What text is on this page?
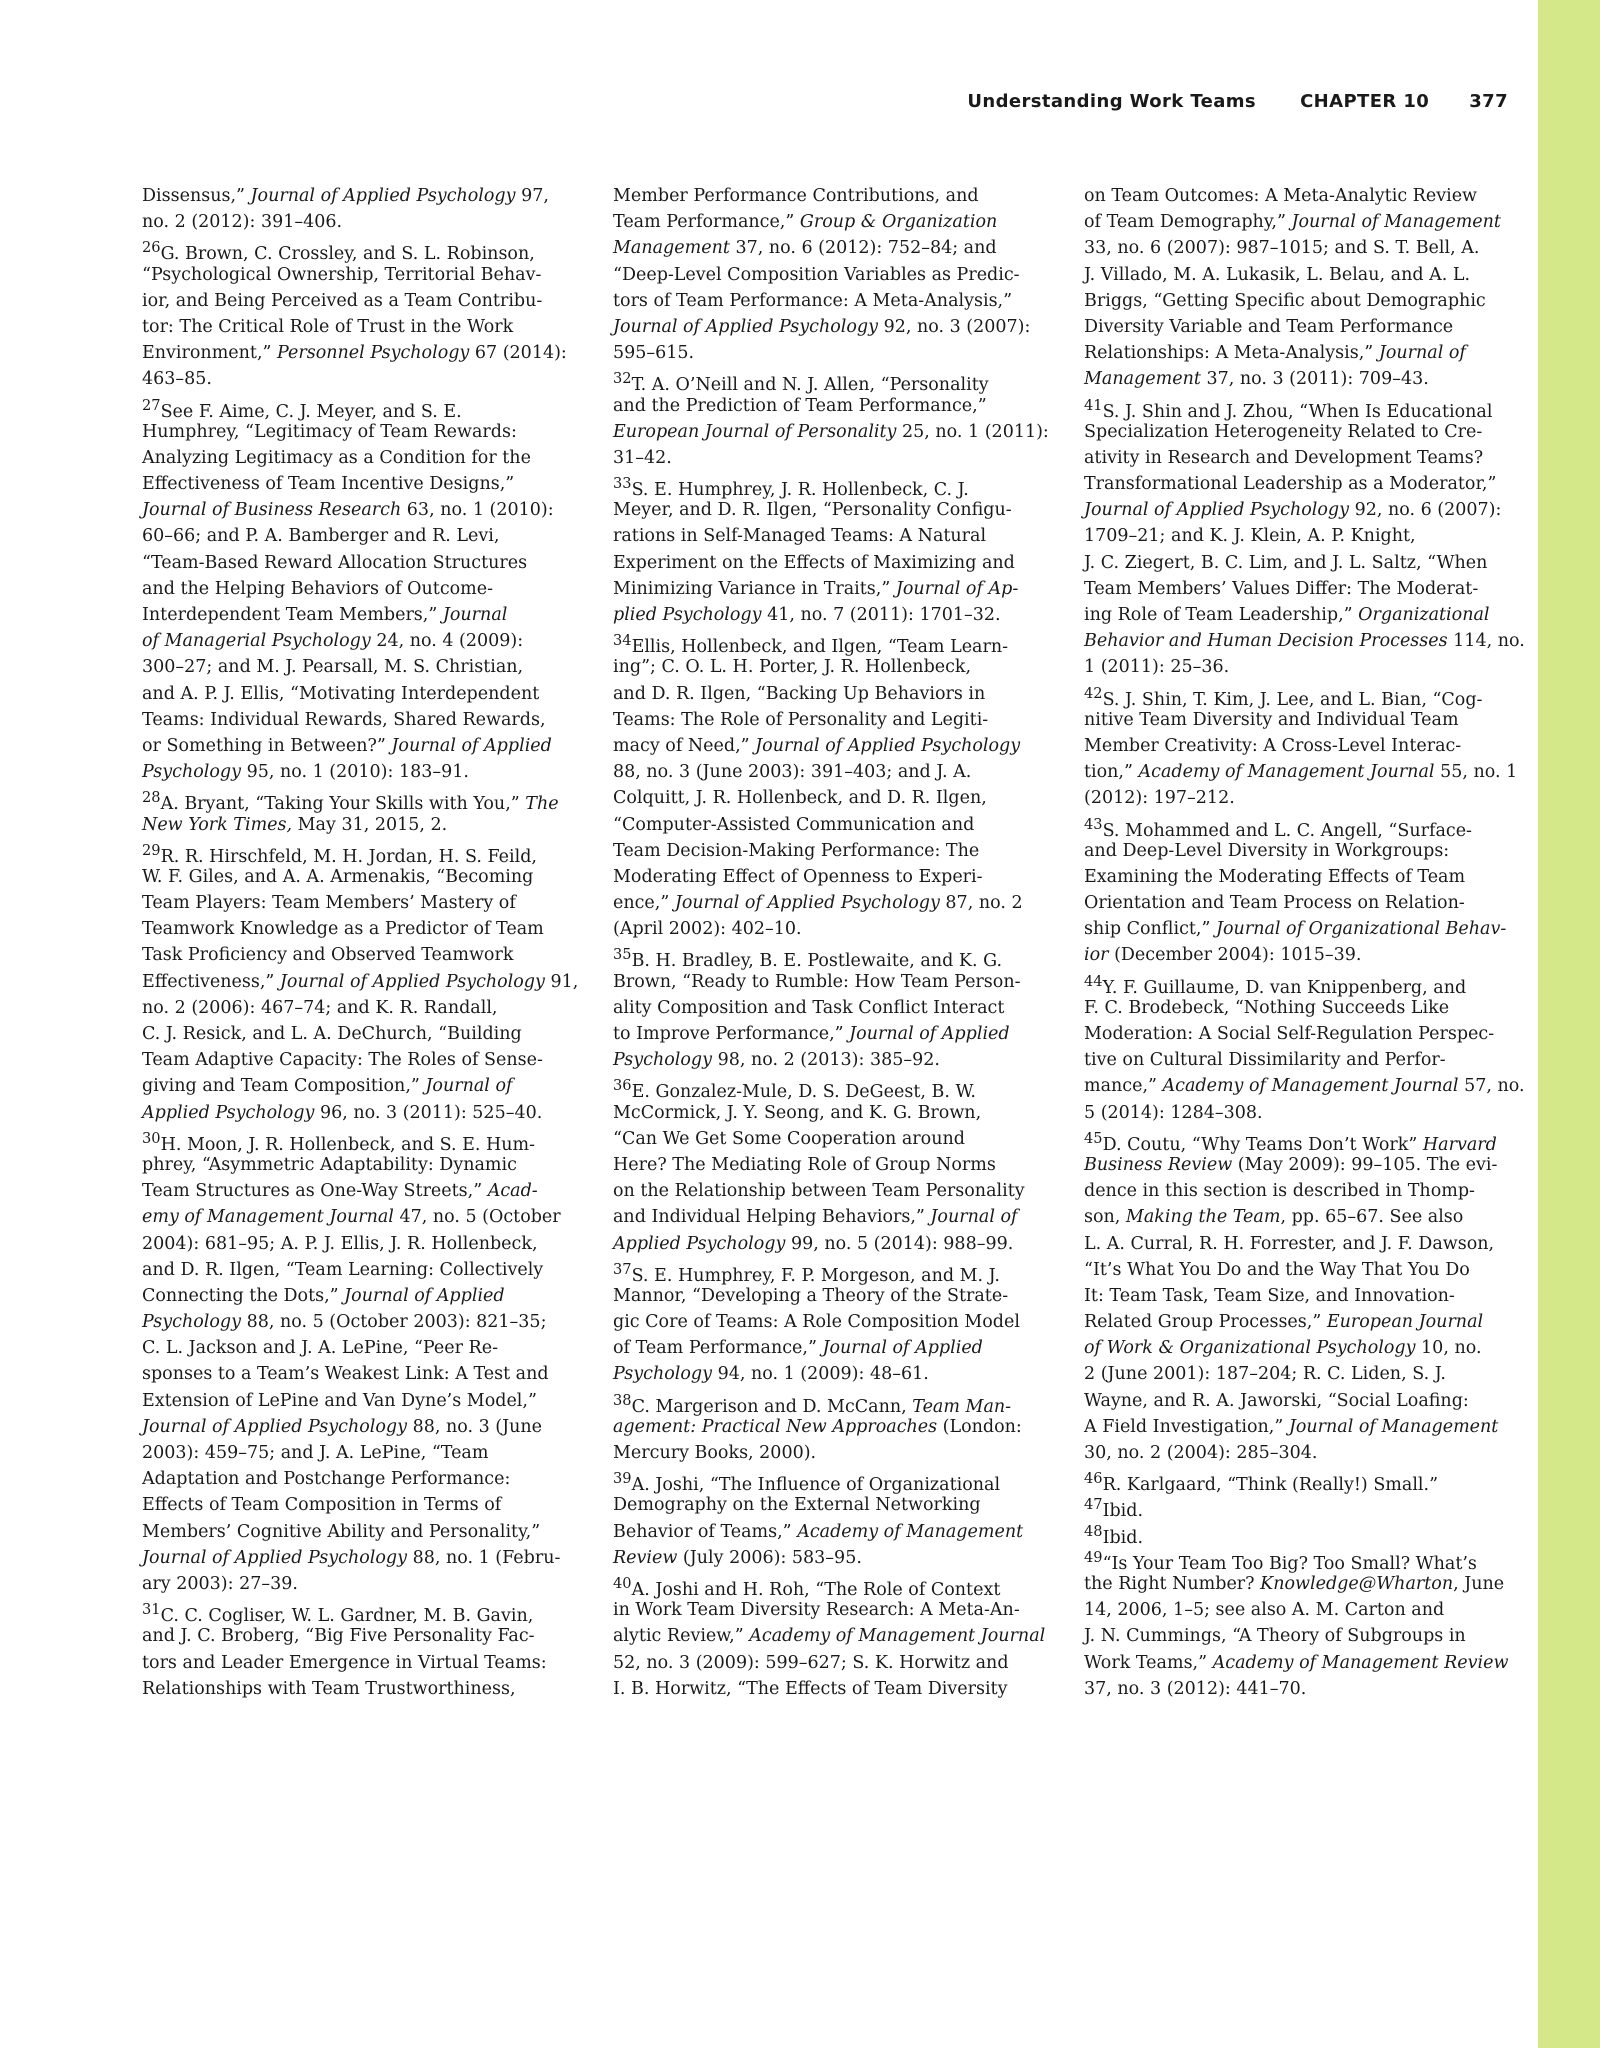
Understanding Work Teams CHAPTER 10 377
Dissensus,” Journal of Applied Psychology 97,
no. 2 (2012): 391–406.
$^{26}$G. Brown, C. Crossley, and S. L. Robinson,
“Psychological Ownership, Territorial Behav-
ior, and Being Perceived as a Team Contribu-
tor: The Critical Role of Trust in the Work
Environment,” Personnel Psychology 67 (2014):
463–85.
$^{27}$See F. Aime, C. J. Meyer, and S. E.
Humphrey, “Legitimacy of Team Rewards:
Analyzing Legitimacy as a Condition for the
Effectiveness of Team Incentive Designs,”
Journal of Business Research 63, no. 1 (2010):
60–66; and P. A. Bamberger and R. Levi,
“Team-Based Reward Allocation Structures
and the Helping Behaviors of Outcome-
Interdependent Team Members,” Journal
of Managerial Psychology 24, no. 4 (2009):
300–27; and M. J. Pearsall, M. S. Christian,
and A. P. J. Ellis, “Motivating Interdependent
Teams: Individual Rewards, Shared Rewards,
or Something in Between?” Journal of Applied
Psychology 95, no. 1 (2010): 183–91.
$^{28}$A. Bryant, “Taking Your Skills with You,” The
New York Times, May 31, 2015, 2.
$^{29}$R. R. Hirschfeld, M. H. Jordan, H. S. Feild,
W. F. Giles, and A. A. Armenakis, “Becoming
Team Players: Team Members’ Mastery of
Teamwork Knowledge as a Predictor of Team
Task Proficiency and Observed Teamwork
Effectiveness,” Journal of Applied Psychology 91,
no. 2 (2006): 467–74; and K. R. Randall,
C. J. Resick, and L. A. DeChurch, “Building
Team Adaptive Capacity: The Roles of Sense-
giving and Team Composition,” Journal of
Applied Psychology 96, no. 3 (2011): 525–40.
$^{30}$H. Moon, J. R. Hollenbeck, and S. E. Hum-
phrey, “Asymmetric Adaptability: Dynamic
Team Structures as One-Way Streets,” Acad-
emy of Management Journal 47, no. 5 (October
2004): 681–95; A. P. J. Ellis, J. R. Hollenbeck,
and D. R. Ilgen, “Team Learning: Collectively
Connecting the Dots,” Journal of Applied
Psychology 88, no. 5 (October 2003): 821–35;
C. L. Jackson and J. A. LePine, “Peer Re-
sponses to a Team’s Weakest Link: A Test and
Extension of LePine and Van Dyne’s Model,”
Journal of Applied Psychology 88, no. 3 (June
2003): 459–75; and J. A. LePine, “Team
Adaptation and Postchange Performance:
Effects of Team Composition in Terms of
Members’ Cognitive Ability and Personality,”
Journal of Applied Psychology 88, no. 1 (Febru-
ary 2003): 27–39.
$^{31}$C. C. Cogliser, W. L. Gardner, M. B. Gavin,
and J. C. Broberg, “Big Five Personality Fac-
tors and Leader Emergence in Virtual Teams:
Relationships with Team Trustworthiness,
Member Performance Contributions, and
Team Performance,” Group & Organization
Management 37, no. 6 (2012): 752–84; and
“Deep-Level Composition Variables as Predic-
tors of Team Performance: A Meta-Analysis,”
Journal of Applied Psychology 92, no. 3 (2007):
595–615.
$^{32}$T. A. O’Neill and N. J. Allen, “Personality
and the Prediction of Team Performance,”
European Journal of Personality 25, no. 1 (2011):
31–42.
$^{33}$S. E. Humphrey, J. R. Hollenbeck, C. J.
Meyer, and D. R. Ilgen, “Personality Configu-
rations in Self-Managed Teams: A Natural
Experiment on the Effects of Maximizing and
Minimizing Variance in Traits,” Journal of Ap-
plied Psychology 41, no. 7 (2011): 1701–32.
$^{34}$Ellis, Hollenbeck, and Ilgen, “Team Learn-
ing”; C. O. L. H. Porter, J. R. Hollenbeck,
and D. R. Ilgen, “Backing Up Behaviors in
Teams: The Role of Personality and Legiti-
macy of Need,” Journal of Applied Psychology
88, no. 3 (June 2003): 391–403; and J. A.
Colquitt, J. R. Hollenbeck, and D. R. Ilgen,
“Computer-Assisted Communication and
Team Decision-Making Performance: The
Moderating Effect of Openness to Experi-
ence,” Journal of Applied Psychology 87, no. 2
(April 2002): 402–10.
$^{35}$B. H. Bradley, B. E. Postlewaite, and K. G.
Brown, “Ready to Rumble: How Team Person-
ality Composition and Task Conflict Interact
to Improve Performance,” Journal of Applied
Psychology 98, no. 2 (2013): 385–92.
$^{36}$E. Gonzalez-Mule, D. S. DeGeest, B. W.
McCormick, J. Y. Seong, and K. G. Brown,
“Can We Get Some Cooperation around
Here? The Mediating Role of Group Norms
on the Relationship between Team Personality
and Individual Helping Behaviors,” Journal of
Applied Psychology 99, no. 5 (2014): 988–99.
$^{37}$S. E. Humphrey, F. P. Morgeson, and M. J.
Mannor, “Developing a Theory of the Strate-
gic Core of Teams: A Role Composition Model
of Team Performance,” Journal of Applied
Psychology 94, no. 1 (2009): 48–61.
$^{38}$C. Margerison and D. McCann, Team Man-
agement: Practical New Approaches (London:
Mercury Books, 2000).
$^{39}$A. Joshi, “The Influence of Organizational
Demography on the External Networking
Behavior of Teams,” Academy of Management
Review (July 2006): 583–95.
$^{40}$A. Joshi and H. Roh, “The Role of Context
in Work Team Diversity Research: A Meta-An-
alytic Review,” Academy of Management Journal
52, no. 3 (2009): 599–627; S. K. Horwitz and
I. B. Horwitz, “The Effects of Team Diversity
on Team Outcomes: A Meta-Analytic Review
of Team Demography,” Journal of Management
33, no. 6 (2007): 987–1015; and S. T. Bell, A.
J. Villado, M. A. Lukasik, L. Belau, and A. L.
Briggs, “Getting Specific about Demographic
Diversity Variable and Team Performance
Relationships: A Meta-Analysis,” Journal of
Management 37, no. 3 (2011): 709–43.
$^{41}$S. J. Shin and J. Zhou, “When Is Educational
Specialization Heterogeneity Related to Cre-
ativity in Research and Development Teams?
Transformational Leadership as a Moderator,”
Journal of Applied Psychology 92, no. 6 (2007):
1709–21; and K. J. Klein, A. P. Knight,
J. C. Ziegert, B. C. Lim, and J. L. Saltz, “When
Team Members’ Values Differ: The Moderat-
ing Role of Team Leadership,” Organizational
Behavior and Human Decision Processes 114, no.
1 (2011): 25–36.
$^{42}$S. J. Shin, T. Kim, J. Lee, and L. Bian, “Cog-
nitive Team Diversity and Individual Team
Member Creativity: A Cross-Level Interac-
tion,” Academy of Management Journal 55, no. 1
(2012): 197–212.
$^{43}$S. Mohammed and L. C. Angell, “Surface-
and Deep-Level Diversity in Workgroups:
Examining the Moderating Effects of Team
Orientation and Team Process on Relation-
ship Conflict,” Journal of Organizational Behav-
ior (December 2004): 1015–39.
$^{44}$Y. F. Guillaume, D. van Knippenberg, and
F. C. Brodebeck, “Nothing Succeeds Like
Moderation: A Social Self-Regulation Perspec-
tive on Cultural Dissimilarity and Perfor-
mance,” Academy of Management Journal 57, no.
5 (2014): 1284–308.
$^{45}$D. Coutu, “Why Teams Don’t Work” Harvard
Business Review (May 2009): 99–105. The evi-
dence in this section is described in Thomp-
son, Making the Team, pp. 65–67. See also
L. A. Curral, R. H. Forrester, and J. F. Dawson,
“It’s What You Do and the Way That You Do
It: Team Task, Team Size, and Innovation-
Related Group Processes,” European Journal
of Work & Organizational Psychology 10, no.
2 (June 2001): 187–204; R. C. Liden, S. J.
Wayne, and R. A. Jaworski, “Social Loafing:
A Field Investigation,” Journal of Management
30, no. 2 (2004): 285–304.
$^{46}$R. Karlgaard, “Think (Really!) Small.”
$^{47}$Ibid.
$^{48}$Ibid.
$^{49}$“Is Your Team Too Big? Too Small? What’s
the Right Number? Knowledge@Wharton, June
14, 2006, 1–5; see also A. M. Carton and
J. N. Cummings, “A Theory of Subgroups in
Work Teams,” Academy of Management Review
37, no. 3 (2012): 441–70.
